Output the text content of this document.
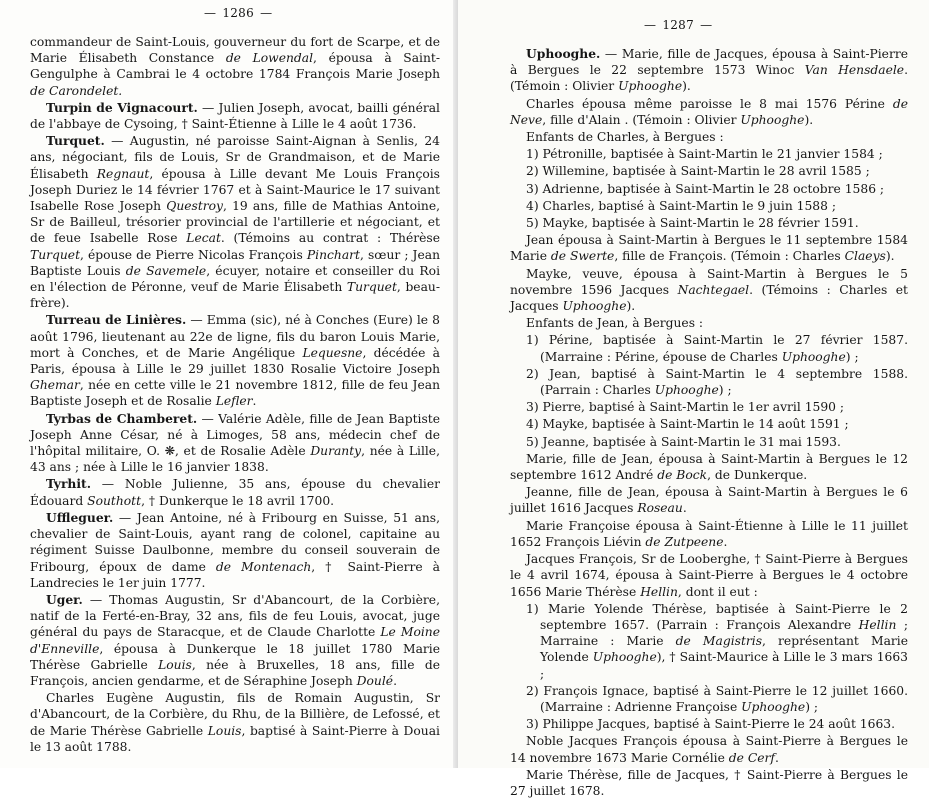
— 1286 —

commandeur de Saint-Louis, gouverneur du fort de Scarpe, et de Marie Élisabeth Constance de Lowendal, épousa à Saint-Gengulphe à Cambrai le 4 octobre 1784 François Marie Joseph de Carondelet.

Turpin de Vignacourt. — Julien Joseph, avocat, bailli général de l'abbaye de Cysoing, † Saint-Étienne à Lille le 4 août 1736.

Turquet. — Augustin, né paroisse Saint-Aignan à Senlis, 24 ans, négociant, fils de Louis, Sr de Grandmaison, et de Marie Élisabeth Regnaut, épousa à Lille devant Me Louis François Joseph Duriez le 14 février 1767 et à Saint-Maurice le 17 suivant Isabelle Rose Joseph Questroy, 19 ans, fille de Mathias Antoine, Sr de Bailleul, trésorier provincial de l'artillerie et négociant, et de feue Isabelle Rose Lecat. (Témoins au contrat : Thérèse Turquet, épouse de Pierre Nicolas François Pinchart, sœur ; Jean Baptiste Louis de Savemele, écuyer, notaire et conseiller du Roi en l'élection de Péronne, veuf de Marie Élisabeth Turquet, beau-frère).

Turreau de Linières. — Emma (sic), né à Conches (Eure) le 8 août 1796, lieutenant au 22e de ligne, fils du baron Louis Marie, mort à Conches, et de Marie Angélique Lequesne, décédée à Paris, épousa à Lille le 29 juillet 1830 Rosalie Victoire Joseph Ghemar, née en cette ville le 21 novembre 1812, fille de feu Jean Baptiste Joseph et de Rosalie Lefler.

Tyrbas de Chamberet. — Valérie Adèle, fille de Jean Baptiste Joseph Anne César, né à Limoges, 58 ans, médecin chef de l'hôpital militaire, O. ❋, et de Rosalie Adèle Duranty, née à Lille, 43 ans ; née à Lille le 16 janvier 1838.

Tyrhit. — Noble Julienne, 35 ans, épouse du chevalier Édouard Southott, † Dunkerque le 18 avril 1700.

Uffleguer. — Jean Antoine, né à Fribourg en Suisse, 51 ans, chevalier de Saint-Louis, ayant rang de colonel, capitaine au régiment Suisse Daulbonne, membre du conseil souverain de Fribourg, époux de dame de Montenach, † Saint-Pierre à Landrecies le 1er juin 1777.

Uger. — Thomas Augustin, Sr d'Abancourt, de la Corbière, natif de la Ferté-en-Bray, 32 ans, fils de feu Louis, avocat, juge général du pays de Staracque, et de Claude Charlotte Le Moine d'Enneville, épousa à Dunkerque le 18 juillet 1780 Marie Thérèse Gabrielle Louis, née à Bruxelles, 18 ans, fille de François, ancien gendarme, et de Séraphine Joseph Doulé.

Charles Eugène Augustin, fils de Romain Augustin, Sr d'Abancourt, de la Corbière, du Rhu, de la Billière, de Lefossé, et de Marie Thérèse Gabrielle Louis, baptisé à Saint-Pierre à Douai le 13 août 1788.

— 1287 —

Uphooghe. — Marie, fille de Jacques, épousa à Saint-Pierre à Bergues le 22 septembre 1573 Winoc Van Hensdaele. (Témoin : Olivier Uphooghe).

Charles épousa même paroisse le 8 mai 1576 Périne de Neve, fille d'Alain . (Témoin : Olivier Uphooghe).

Enfants de Charles, à Bergues :

1) Pétronille, baptisée à Saint-Martin le 21 janvier 1584 ;

2) Willemine, baptisée à Saint-Martin le 28 avril 1585 ;

3) Adrienne, baptisée à Saint-Martin le 28 octobre 1586 ;

4) Charles, baptisé à Saint-Martin le 9 juin 1588 ;

5) Mayke, baptisée à Saint-Martin le 28 février 1591.

Jean épousa à Saint-Martin à Bergues le 11 septembre 1584 Marie de Swerte, fille de François. (Témoin : Charles Claeys).

Mayke, veuve, épousa à Saint-Martin à Bergues le 5 novembre 1596 Jacques Nachtegael. (Témoins : Charles et Jacques Uphooghe).

Enfants de Jean, à Bergues :

1) Périne, baptisée à Saint-Martin le 27 février 1587. (Marraine : Périne, épouse de Charles Uphooghe) ;

2) Jean, baptisé à Saint-Martin le 4 septembre 1588. (Parrain : Charles Uphooghe) ;

3) Pierre, baptisé à Saint-Martin le 1er avril 1590 ;

4) Mayke, baptisée à Saint-Martin le 14 août 1591 ;

5) Jeanne, baptisée à Saint-Martin le 31 mai 1593.

Marie, fille de Jean, épousa à Saint-Martin à Bergues le 12 septembre 1612 André de Bock, de Dunkerque.

Jeanne, fille de Jean, épousa à Saint-Martin à Bergues le 6 juillet 1616 Jacques Roseau.

Marie Françoise épousa à Saint-Étienne à Lille le 11 juillet 1652 François Liévin de Zutpeene.

Jacques François, Sr de Looberghe, † Saint-Pierre à Bergues le 4 avril 1674, épousa à Saint-Pierre à Bergues le 4 octobre 1656 Marie Thérèse Hellin, dont il eut :

1) Marie Yolende Thérèse, baptisée à Saint-Pierre le 2 septembre 1657. (Parrain : François Alexandre Hellin ; Marraine : Marie de Magistris, représentant Marie Yolende Uphooghe), † Saint-Maurice à Lille le 3 mars 1663 ;

2) François Ignace, baptisé à Saint-Pierre le 12 juillet 1660. (Marraine : Adrienne Françoise Uphooghe) ;

3) Philippe Jacques, baptisé à Saint-Pierre le 24 août 1663.

Noble Jacques François épousa à Saint-Pierre à Bergues le 14 novembre 1673 Marie Cornélie de Cerf.

Marie Thérèse, fille de Jacques, † Saint-Pierre à Bergues le 27 juillet 1678.
